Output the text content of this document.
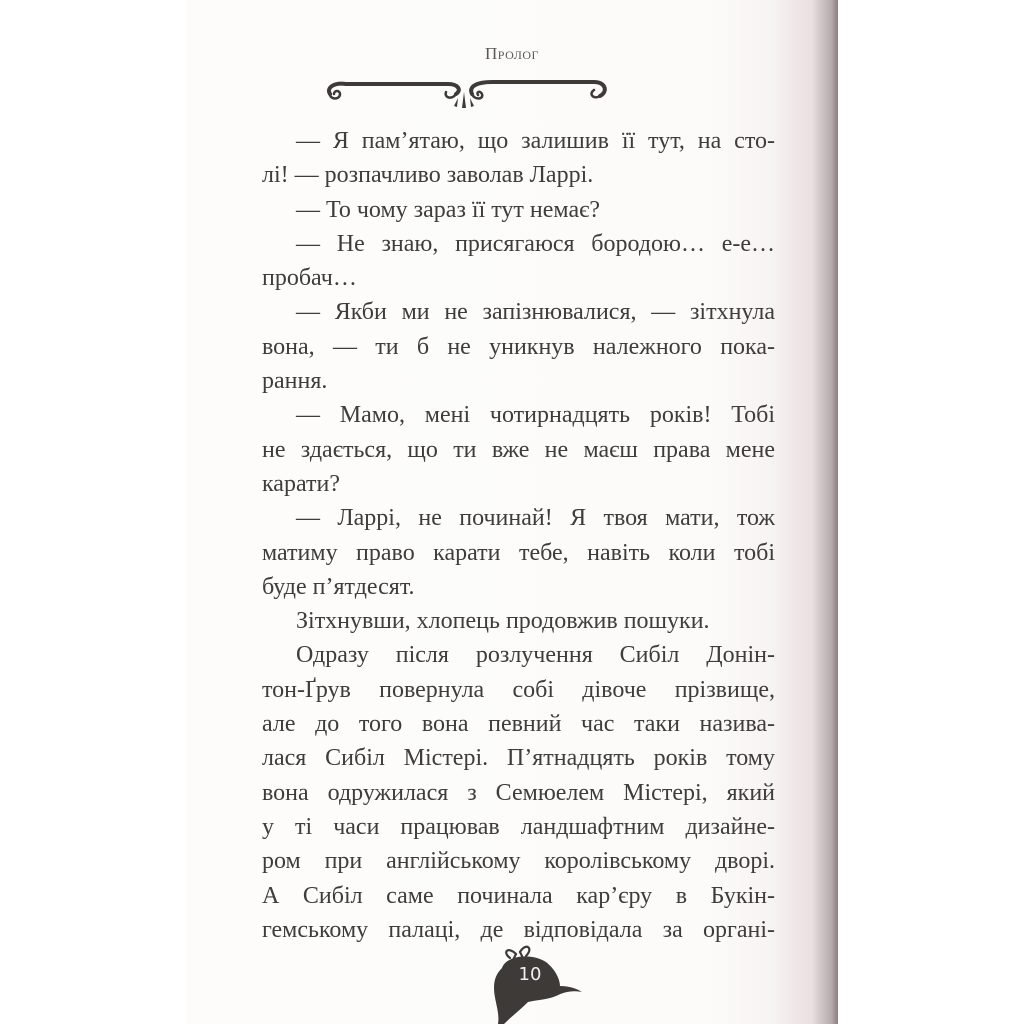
Пролог
— Я пам’ятаю, що залишив її тут, на сто-
лі! — розпачливо заволав Ларрі.
— То чому зараз її тут немає?
— Не знаю, присягаюся бородою… е-е…
пробач…
— Якби ми не запізнювалися, — зітхнула
вона, — ти б не уникнув належного пока-
рання.
— Мамо, мені чотирнадцять років! Тобі
не здається, що ти вже не маєш права мене
карати?
— Ларрі, не починай! Я твоя мати, тож
матиму право карати тебе, навіть коли тобі
буде п’ятдесят.
Зітхнувши, хлопець продовжив пошуки.
Одразу після розлучення Сибіл Донін-
тон-Ґрув повернула собі дівоче прізвище,
але до того вона певний час таки назива-
лася Сибіл Містері. П’ятнадцять років тому
вона одружилася з Семюелем Містері, який
у ті часи працював ландшафтним дизайне-
ром при англійському королівському дворі.
А Сибіл саме починала кар’єру в Букін-
гемському палаці, де відповідала за органі-
10
